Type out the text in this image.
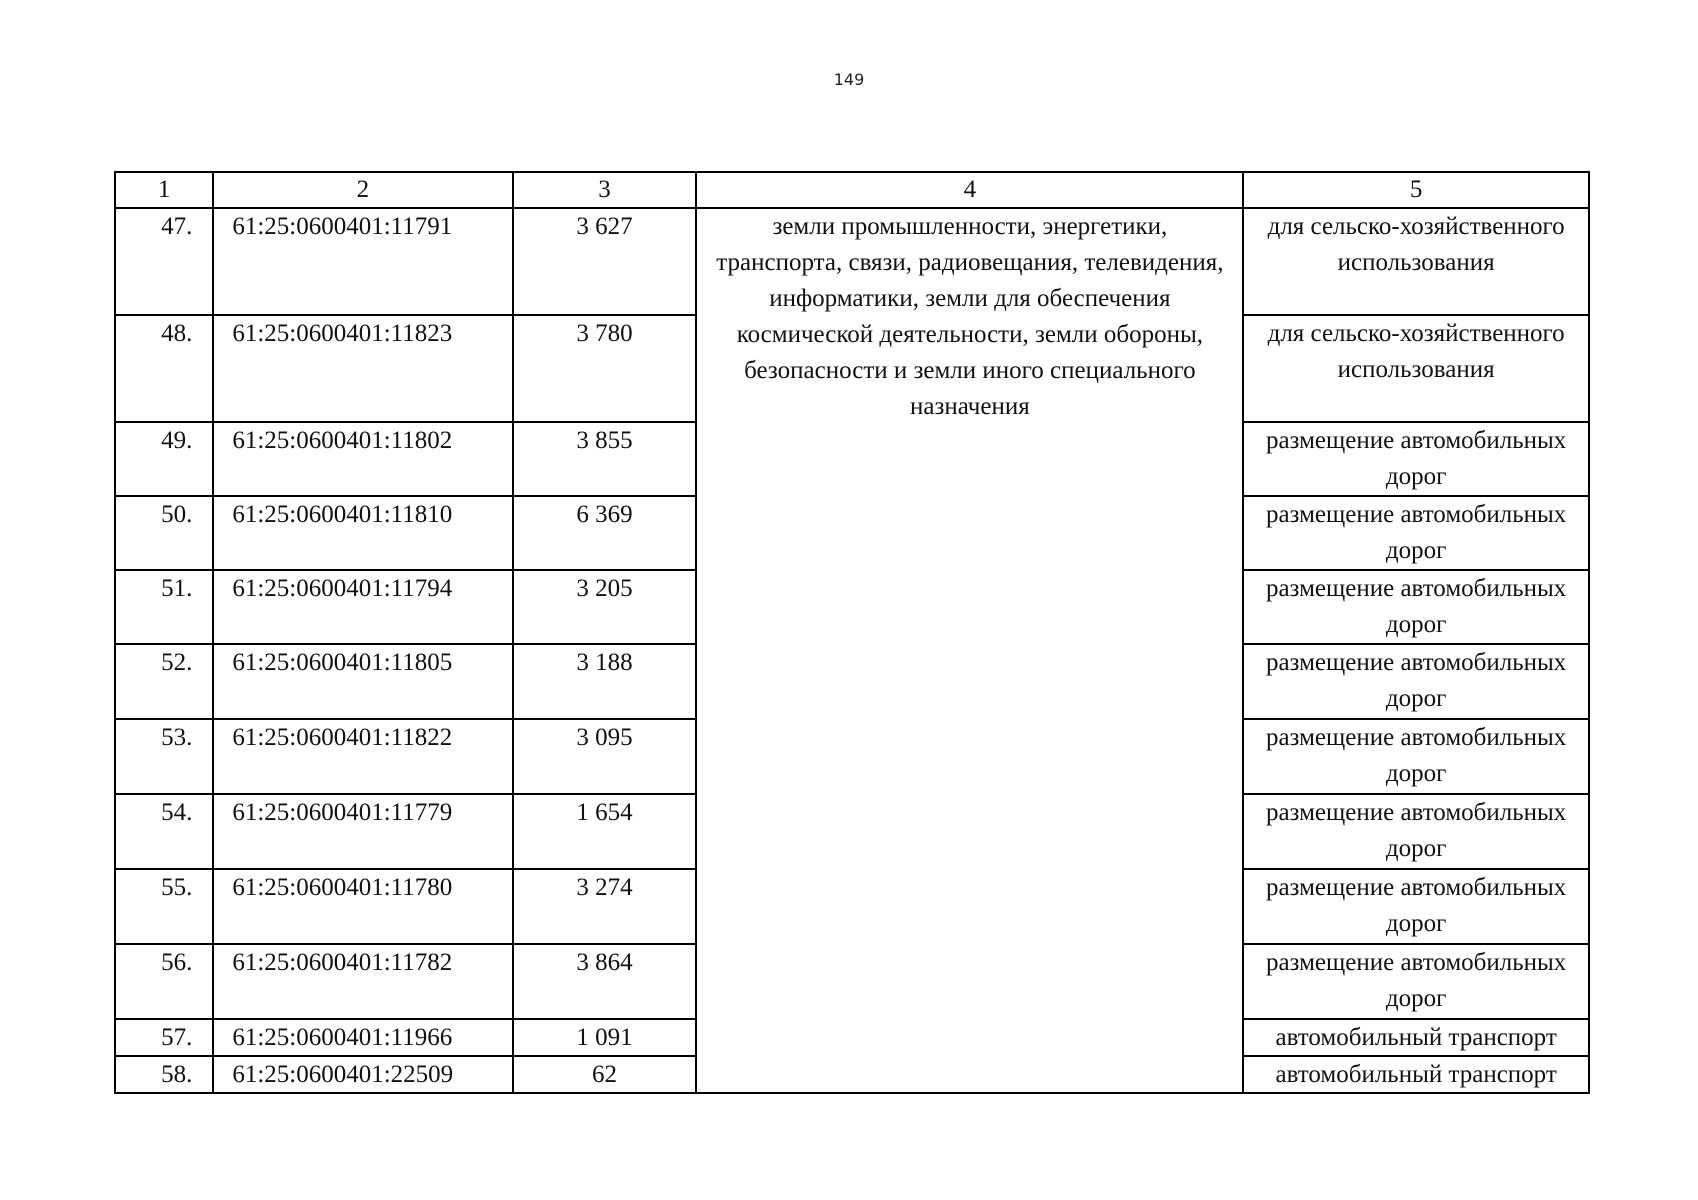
149
1	2	3	4	5
47.	61:25:0600401:11791	3 627	земли промышленности, энергетики, транспорта, связи, радиовещания, телевидения, информатики, земли для обеспечения космической деятельности, земли обороны, безопасности и земли иного специального назначения	для сельско-хозяйственного использования
48.	61:25:0600401:11823	3 780		для сельско-хозяйственного использования
49.	61:25:0600401:11802	3 855		размещение автомобильных дорог
50.	61:25:0600401:11810	6 369		размещение автомобильных дорог
51.	61:25:0600401:11794	3 205		размещение автомобильных дорог
52.	61:25:0600401:11805	3 188		размещение автомобильных дорог
53.	61:25:0600401:11822	3 095		размещение автомобильных дорог
54.	61:25:0600401:11779	1 654		размещение автомобильных дорог
55.	61:25:0600401:11780	3 274		размещение автомобильных дорог
56.	61:25:0600401:11782	3 864		размещение автомобильных дорог
57.	61:25:0600401:11966	1 091		автомобильный транспорт
58.	61:25:0600401:22509	62		автомобильный транспорт
